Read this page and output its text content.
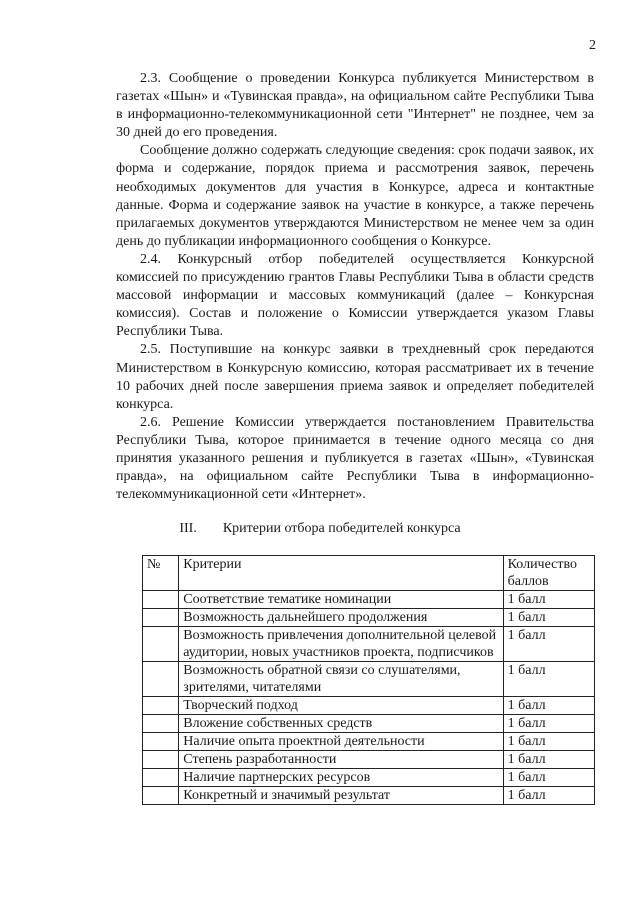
2

2.3. Сообщение о проведении Конкурса публикуется Министерством в газетах «Шын» и «Тувинская правда», на официальном сайте Республики Тыва в информационно-телекоммуникационной сети "Интернет" не позднее, чем за 30 дней до его проведения.

Сообщение должно содержать следующие сведения: срок подачи заявок, их форма и содержание, порядок приема и рассмотрения заявок, перечень необходимых документов для участия в Конкурсе, адреса и контактные данные. Форма и содержание заявок на участие в конкурсе, а также перечень прилагаемых документов утверждаются Министерством не менее чем за один день до публикации информационного сообщения о Конкурсе.

2.4. Конкурсный отбор победителей осуществляется Конкурсной комиссией по присуждению грантов Главы Республики Тыва в области средств массовой информации и массовых коммуникаций (далее – Конкурсная комиссия). Состав и положение о Комиссии утверждается указом Главы Республики Тыва.

2.5. Поступившие на конкурс заявки в трехдневный срок передаются Министерством в Конкурсную комиссию, которая рассматривает их в течение 10 рабочих дней после завершения приема заявок и определяет победителей конкурса.

2.6. Решение Комиссии утверждается постановлением Правительства Республики Тыва, которое принимается в течение одного месяца со дня принятия указанного решения и публикуется в газетах «Шын», «Тувинская правда», на официальном сайте Республики Тыва в информационно-телекоммуникационной сети «Интернет».

III. Критерии отбора победителей конкурса
№	Критерии	Количество баллов
	Соответствие тематике номинации	1 балл
	Возможность дальнейшего продолжения	1 балл
	Возможность привлечения дополнительной целевой аудитории, новых участников проекта, подписчиков	1 балл
	Возможность обратной связи со слушателями, зрителями, читателями	1 балл
	Творческий подход	1 балл
	Вложение собственных средств	1 балл
	Наличие опыта проектной деятельности	1 балл
	Степень разработанности	1 балл
	Наличие партнерских ресурсов	1 балл
	Конкретный и значимый результат	1 балл
